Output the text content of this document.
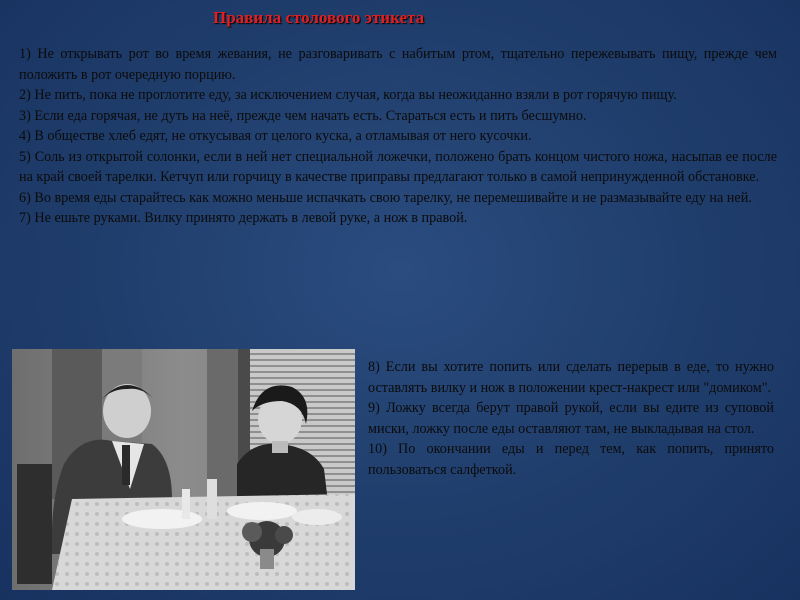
Правила столового этикета

1) Не открывать рот во время жевания, не разговаривать с набитым ртом, тщательно пережевывать пищу, прежде чем положить в рот очередную порцию.

2) Не пить, пока не проглотите еду, за исключением случая, когда вы неожиданно взяли в рот горячую пищу.

3) Если еда горячая, не дуть на неё, прежде чем начать есть. Стараться есть и пить бесшумно.

4) В обществе хлеб едят, не откусывая от целого куска, а отламывая от него кусочки.

5) Соль из открытой солонки, если в ней нет специальной ложечки, положено брать концом чистого ножа, насыпав ее после на край своей тарелки. Кетчуп или горчицу в качестве приправы предлагают только в самой непринужденной обстановке.

6) Во время еды старайтесь как можно меньше испачкать свою тарелку, не перемешивайте и не размазывайте еду на ней.

7) Не ешьте руками. Вилку принято держать в левой руке, а нож в правой.

8) Если вы хотите попить или сделать перерыв в еде, то нужно оставлять вилку и нож в положении крест-накрест или "домиком".

9) Ложку всегда берут правой рукой, если вы едите из суповой миски, ложку после еды оставляют там, не выкладывая на стол.

10) По окончании еды и перед тем, как попить, принято пользоваться салфеткой.
